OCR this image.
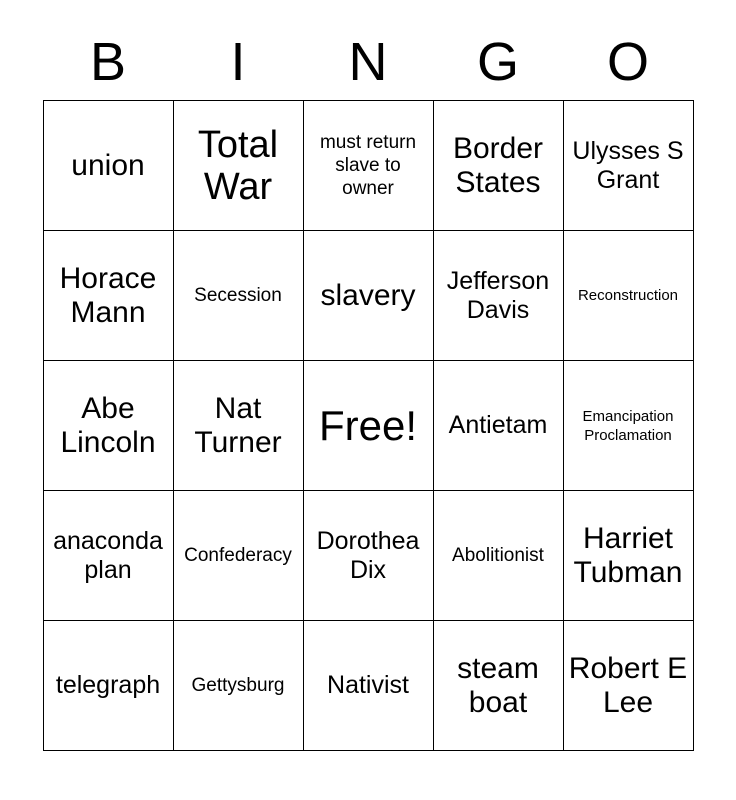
B	I	N	G	O
union	Total War	must return slave to owner	Border States	Ulysses S Grant
Horace Mann	Secession	slavery	Jefferson Davis	Reconstruction
Abe Lincoln	Nat Turner	Free!	Antietam	Emancipation Proclamation
anaconda plan	Confederacy	Dorothea Dix	Abolitionist	Harriet Tubman
telegraph	Gettysburg	Nativist	steam boat	Robert E Lee
